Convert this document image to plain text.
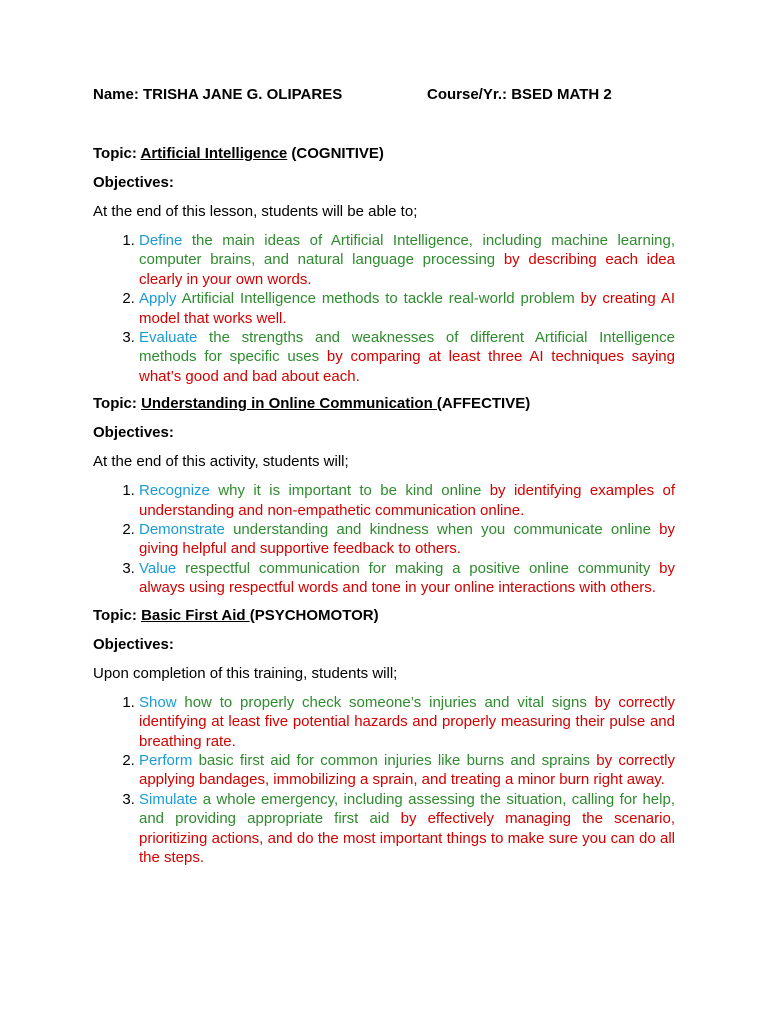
Name: TRISHA JANE G. OLIPARES	Course/Yr.: BSED MATH 2
Topic: Artificial Intelligence (COGNITIVE)
Objectives:
At the end of this lesson, students will be able to;
1. Define the main ideas of Artificial Intelligence, including machine learning, computer brains, and natural language processing by describing each idea clearly in your own words.
2. Apply Artificial Intelligence methods to tackle real-world problem by creating AI model that works well.
3. Evaluate the strengths and weaknesses of different Artificial Intelligence methods for specific uses by comparing at least three AI techniques saying what’s good and bad about each.
Topic: Understanding in Online Communication (AFFECTIVE)
Objectives:
At the end of this activity, students will;
1. Recognize why it is important to be kind online by identifying examples of understanding and non-empathetic communication online.
2. Demonstrate understanding and kindness when you communicate online by giving helpful and supportive feedback to others.
3. Value respectful communication for making a positive online community by always using respectful words and tone in your online interactions with others.
Topic: Basic First Aid (PSYCHOMOTOR)
Objectives:
Upon completion of this training, students will;
1. Show how to properly check someone’s injuries and vital signs by correctly identifying at least five potential hazards and properly measuring their pulse and breathing rate.
2. Perform basic first aid for common injuries like burns and sprains by correctly applying bandages, immobilizing a sprain, and treating a minor burn right away.
3. Simulate a whole emergency, including assessing the situation, calling for help, and providing appropriate first aid by effectively managing the scenario, prioritizing actions, and do the most important things to make sure you can do all the steps.
